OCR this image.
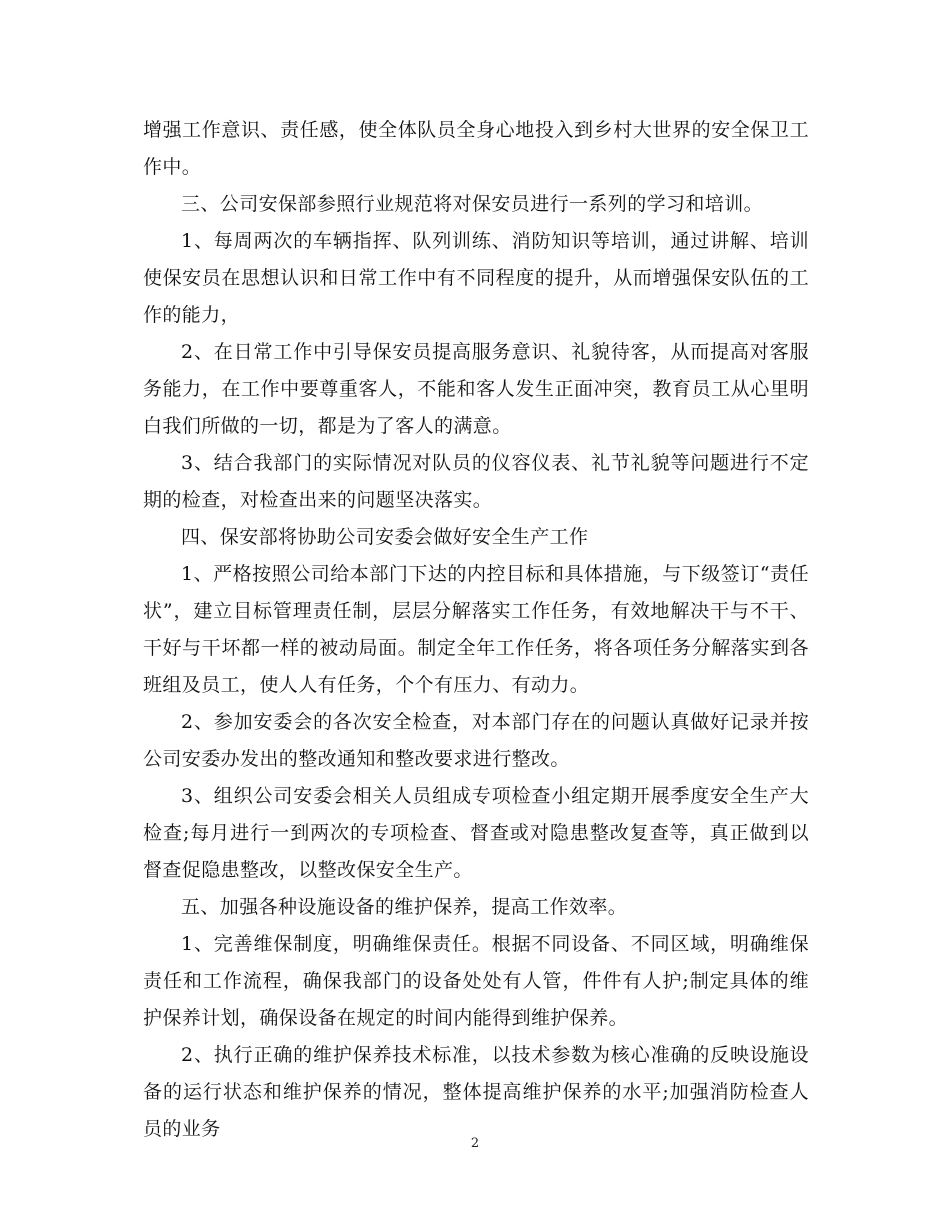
增强工作意识、责任感，使全体队员全身心地投入到乡村大世界的安全保卫工作中。

三、公司安保部参照行业规范将对保安员进行一系列的学习和培训。

1、每周两次的车辆指挥、队列训练、消防知识等培训，通过讲解、培训使保安员在思想认识和日常工作中有不同程度的提升，从而增强保安队伍的工作的能力，

2、在日常工作中引导保安员提高服务意识、礼貌待客，从而提高对客服务能力，在工作中要尊重客人，不能和客人发生正面冲突，教育员工从心里明白我们所做的一切，都是为了客人的满意。

3、结合我部门的实际情况对队员的仪容仪表、礼节礼貌等问题进行不定期的检查，对检查出来的问题坚决落实。

四、保安部将协助公司安委会做好安全生产工作

1、严格按照公司给本部门下达的内控目标和具体措施，与下级签订“责任状”，建立目标管理责任制，层层分解落实工作任务，有效地解决干与不干、干好与干坏都一样的被动局面。制定全年工作任务，将各项任务分解落实到各班组及员工，使人人有任务，个个有压力、有动力。

2、参加安委会的各次安全检查，对本部门存在的问题认真做好记录并按公司安委办发出的整改通知和整改要求进行整改。

3、组织公司安委会相关人员组成专项检查小组定期开展季度安全生产大检查;每月进行一到两次的专项检查、督查或对隐患整改复查等，真正做到以督查促隐患整改，以整改保安全生产。

五、加强各种设施设备的维护保养，提高工作效率。

1、完善维保制度，明确维保责任。根据不同设备、不同区域，明确维保责任和工作流程，确保我部门的设备处处有人管，件件有人护;制定具体的维护保养计划，确保设备在规定的时间内能得到维护保养。

2、执行正确的维护保养技术标准，以技术参数为核心准确的反映设施设备的运行状态和维护保养的情况，整体提高维护保养的水平;加强消防检查人员的业务

2
